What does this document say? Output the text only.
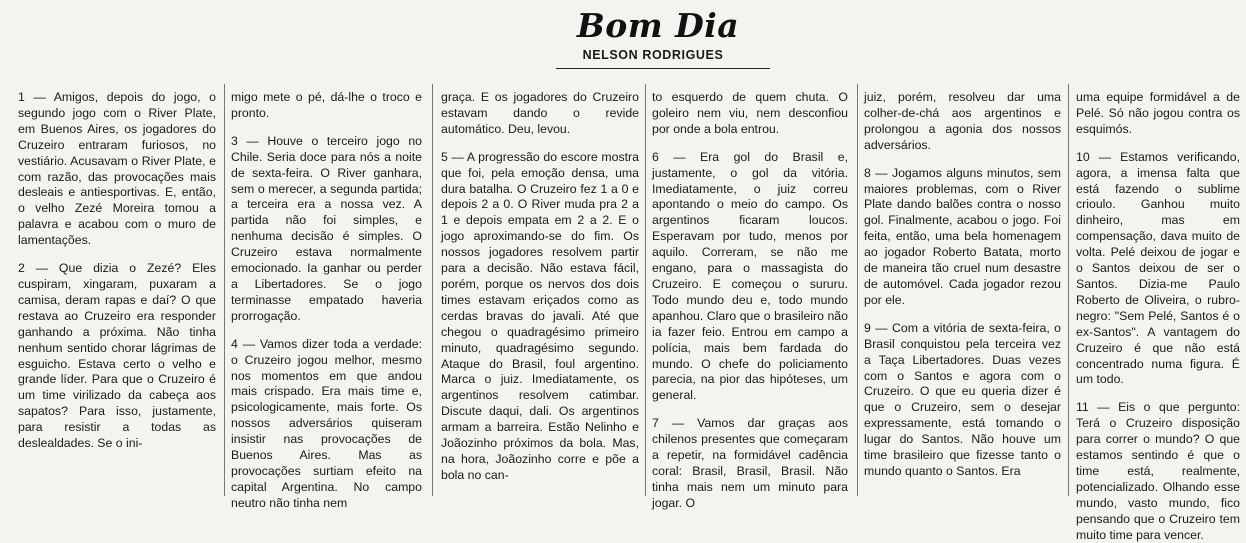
Bom Dia
NELSON RODRIGUES

1 — Amigos, depois do jogo, o segundo jogo com o River Plate, em Buenos Aires, os jogadores do Cruzeiro entraram furiosos, no vestiário. Acusavam o River Plate, e com razão, das provocações mais desleais e antiesportivas. E, então, o velho Zezé Moreira tomou a palavra e acabou com o muro de lamentações.

2 — Que dizia o Zezé? Eles cuspiram, xingaram, puxaram a camisa, deram rapas e daí? O que restava ao Cruzeiro era responder ganhando a próxima. Não tinha nenhum sentido chorar lágrimas de esguicho. Estava certo o velho e grande líder. Para que o Cruzeiro é um time virilizado da cabeça aos sapatos? Para isso, justamente, para resistir a todas as deslealdades. Se o ini-

migo mete o pé, dá-lhe o troco e pronto.

3 — Houve o terceiro jogo no Chile. Seria doce para nós a noite de sexta-feira. O River ganhara, sem o merecer, a segunda partida; a terceira era a nossa vez. A partida não foi simples, e nenhuma decisão é simples. O Cruzeiro estava normalmente emocionado. Ia ganhar ou perder a Libertadores. Se o jogo terminasse empatado haveria prorrogação.

4 — Vamos dizer toda a verdade: o Cruzeiro jogou melhor, mesmo nos momentos em que andou mais crispado. Era mais time e, psicologicamente, mais forte. Os nossos adversários quiseram insistir nas provocações de Buenos Aires. Mas as provocações surtiam efeito na capital Argentina. No campo neutro não tinha nem

graça. E os jogadores do Cruzeiro estavam dando o revide automático. Deu, levou.

5 — A progressão do escore mostra que foi, pela emoção densa, uma dura batalha. O Cruzeiro fez 1 a 0 e depois 2 a 0. O River muda pra 2 a 1 e depois empata em 2 a 2. E o jogo aproximando-se do fim. Os nossos jogadores resolvem partir para a decisão. Não estava fácil, porém, porque os nervos dos dois times estavam eriçados como as cerdas bravas do javali. Até que chegou o quadragésimo primeiro minuto, quadragésimo segundo. Ataque do Brasil, foul argentino. Marca o juiz. Imediatamente, os argentinos resolvem catimbar. Discute daqui, dali. Os argentinos armam a barreira. Estão Nelinho e Joãozinho próximos da bola. Mas, na hora, Joãozinho corre e põe a bola no can-

to esquerdo de quem chuta. O goleiro nem viu, nem desconfiou por onde a bola entrou.

6 — Era gol do Brasil e, justamente, o gol da vitória. Imediatamente, o juiz correu apontando o meio do campo. Os argentinos ficaram loucos. Esperavam por tudo, menos por aquilo. Correram, se não me engano, para o massagista do Cruzeiro. E começou o sururu. Todo mundo deu e, todo mundo apanhou. Claro que o brasileiro não ia fazer feio. Entrou em campo a polícia, mais bem fardada do mundo. O chefe do policiamento parecia, na pior das hipóteses, um general.

7 — Vamos dar graças aos chilenos presentes que começaram a repetir, na formidável cadência coral: Brasil, Brasil, Brasil. Não tinha mais nem um minuto para jogar. O

juiz, porém, resolveu dar uma colher-de-chá aos argentinos e prolongou a agonia dos nossos adversários.

8 — Jogamos alguns minutos, sem maiores problemas, com o River Plate dando balões contra o nosso gol. Finalmente, acabou o jogo. Foi feita, então, uma bela homenagem ao jogador Roberto Batata, morto de maneira tão cruel num desastre de automóvel. Cada jogador rezou por ele.

9 — Com a vitória de sexta-feira, o Brasil conquistou pela terceira vez a Taça Libertadores. Duas vezes com o Santos e agora com o Cruzeiro. O que eu queria dizer é que o Cruzeiro, sem o desejar expressamente, está tomando o lugar do Santos. Não houve um time brasileiro que fizesse tanto o mundo quanto o Santos. Era

uma equipe formidável a de Pelé. Só não jogou contra os esquimós.

10 — Estamos verificando, agora, a imensa falta que está fazendo o sublime crioulo. Ganhou muito dinheiro, mas em compensação, dava muito de volta. Pelé deixou de jogar e o Santos deixou de ser o Santos. Dizia-me Paulo Roberto de Oliveira, o rubro-negro: "Sem Pelé, Santos é o ex-Santos". A vantagem do Cruzeiro é que não está concentrado numa figura. É um todo.

11 — Eis o que pergunto: Terá o Cruzeiro disposição para correr o mundo? O que estamos sentindo é que o time está, realmente, potencializado. Olhando esse mundo, vasto mundo, fico pensando que o Cruzeiro tem muito time para vencer.
